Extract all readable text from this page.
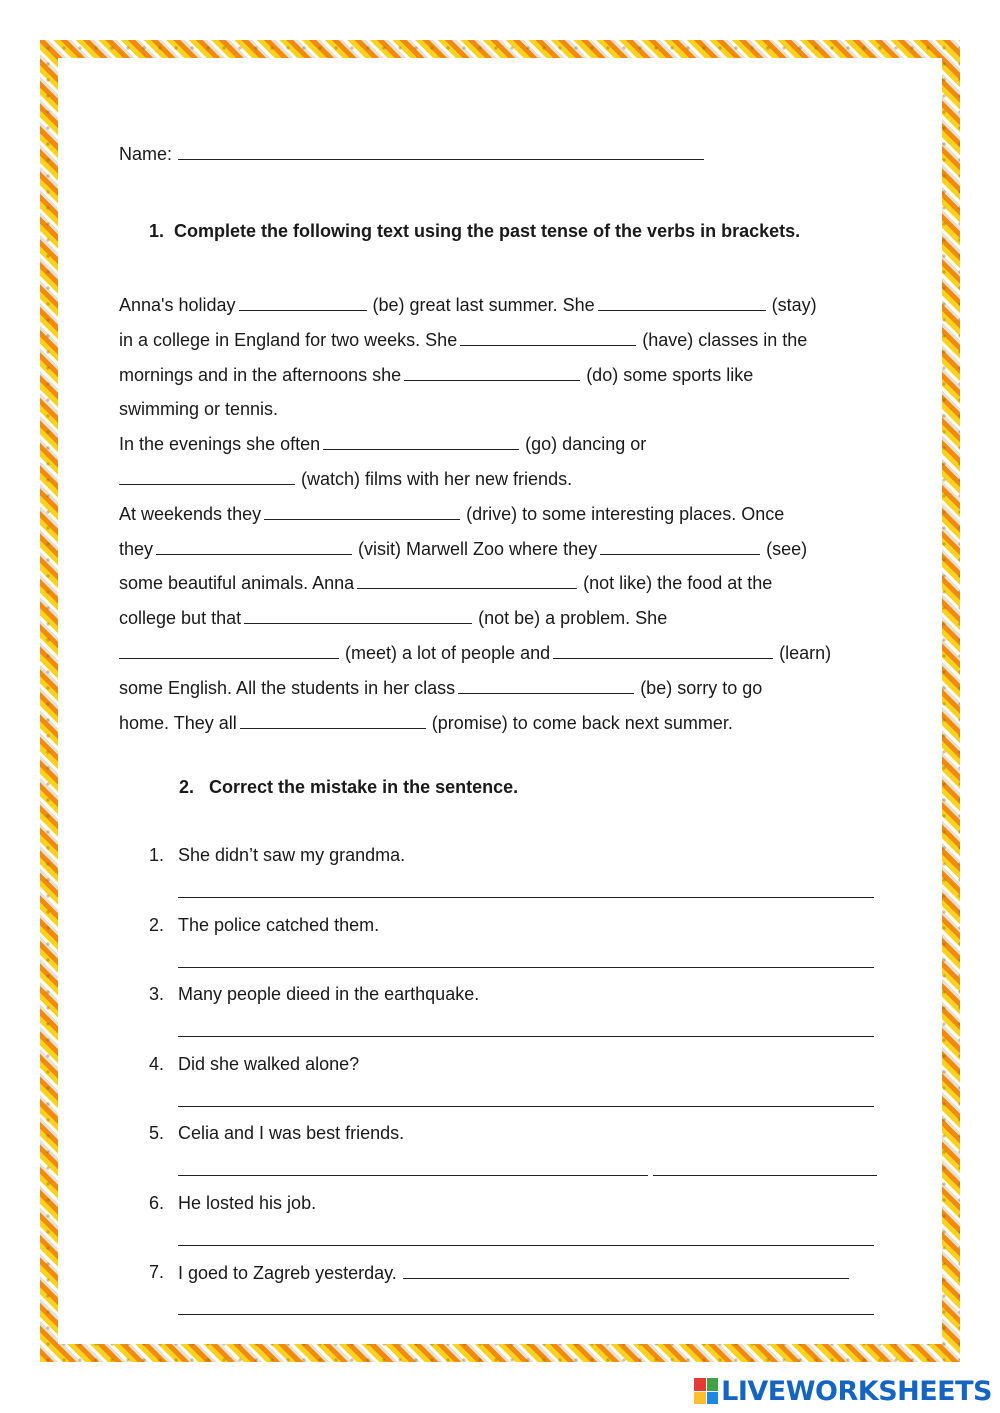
Name:
1. Complete the following text using the past tense of the verbs in brackets.
Anna's holiday	(be) great last summer. She	(stay)
in a college in England for two weeks. She	(have) classes in the
mornings and in the afternoons she	(do) some sports like
swimming or tennis.
In the evenings she often	(go) dancing or
(watch) films with her new friends.
At weekends they	(drive) to some interesting places. Once
they	(visit) Marwell Zoo where they	(see)
some beautiful animals. Anna	(not like) the food at the
college but that	(not be) a problem. She
(meet) a lot of people and	(learn)
some English. All the students in her class	(be) sorry to go
home. They all	(promise) to come back next summer.
2. Correct the mistake in the sentence.
1. She didn’t saw my grandma.
2. The police catched them.
3. Many people dieed in the earthquake.
4. Did she walked alone?
5. Celia and I was best friends.
6. He losted his job.
7. I goed to Zagreb yesterday.
LIVEWORKSHEETS
